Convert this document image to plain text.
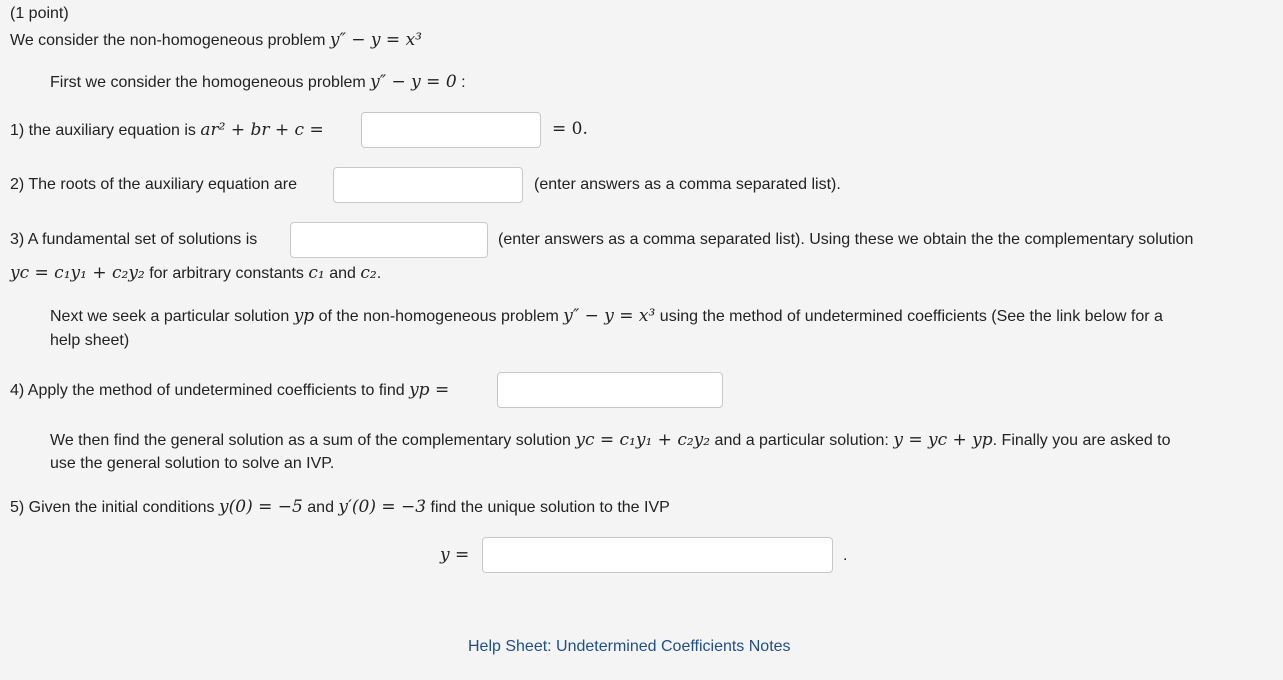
(1 point)
We consider the non-homogeneous problem y″ − y = x³
First we consider the homogeneous problem y″ − y = 0 :
1) the auxiliary equation is ar² + br + c =	= 0.
2) The roots of the auxiliary equation are	(enter answers as a comma separated list).
3) A fundamental set of solutions is	(enter answers as a comma separated list). Using these we obtain the the complementary solution
yc = c₁y₁ + c₂y₂ for arbitrary constants c₁ and c₂.
Next we seek a particular solution yp of the non-homogeneous problem y″ − y = x³ using the method of undetermined coefficients (See the link below for a
help sheet)
4) Apply the method of undetermined coefficients to find yp =
We then find the general solution as a sum of the complementary solution yc = c₁y₁ + c₂y₂ and a particular solution: y = yc + yp. Finally you are asked to
use the general solution to solve an IVP.
5) Given the initial conditions y(0) = −5 and y′(0) = −3 find the unique solution to the IVP
y =	.
Help Sheet: Undetermined Coefficients Notes
